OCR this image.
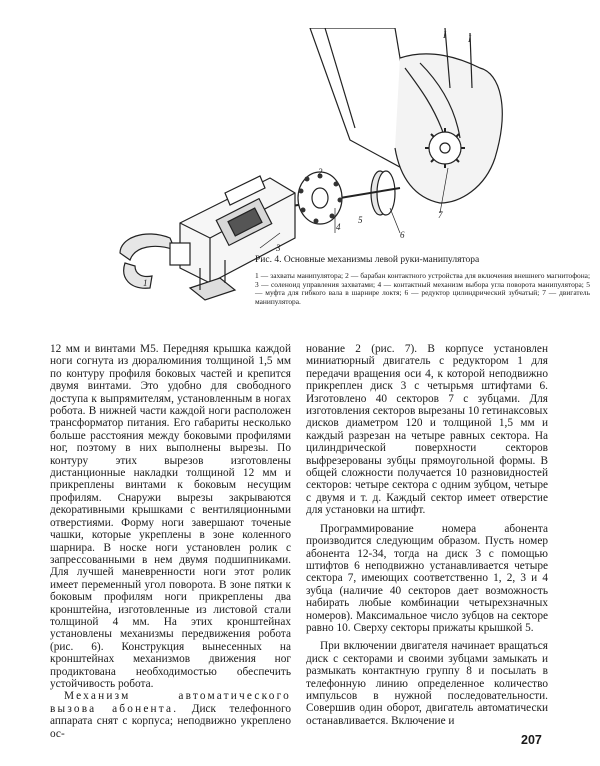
1
2
3
4
5
6
7
I I

Рис. 4. Основные механизмы левой руки-манипулятора

1 — захваты манипулятора; 2 — барабан контактного устройства для включения внешнего магнитофона; 3 — соленоид управления захватами; 4 — контактный механизм выбора угла поворота манипулятора; 5 — муфта для гибкого вала в шарнире локтя; 6 — редуктор цилиндрический зубчатый; 7 — двигатель манипулятора.

12 мм и винтами М5. Передняя крышка каждой ноги согнута из дюралюминия толщиной 1,5 мм по контуру профиля боковых частей и крепится двумя винтами. Это удобно для свободного доступа к выпрямителям, установленным в ногах робота. В нижней части каждой ноги расположен трансформатор питания. Его габариты несколько больше расстояния между боковыми профилями ног, поэтому в них выполнены вырезы. По контуру этих вырезов изготовлены дистанционные накладки толщиной 12 мм и прикреплены винтами к боковым несущим профилям. Снаружи вырезы закрываются декоративными крышками с вентиляционными отверстиями. Форму ноги завершают точеные чашки, которые укреплены в зоне коленного шарнира. В носке ноги установлен ролик с запрессованными в нем двумя подшипниками. Для лучшей маневренности ноги этот ролик имеет переменный угол поворота. В зоне пятки к боковым профилям ноги прикреплены два кронштейна, изготовленные из листовой стали толщиной 4 мм. На этих кронштейнах установлены механизмы передвижения робота (рис. 6). Конструкция вынесенных на кронштейнах механизмов движения ног продиктована необходимостью обеспечить устойчивость робота.

Механизм автоматического вызова абонента. Диск телефонного аппарата снят с корпуса; неподвижно укреплено ос-

нование 2 (рис. 7). В корпусе установлен миниатюрный двигатель с редуктором 1 для передачи вращения оси 4, к которой неподвижно прикреплен диск 3 с четырьмя штифтами 6. Изготовлено 40 секторов 7 с зубцами. Для изготовления секторов вырезаны 10 гетинаксовых дисков диаметром 120 и толщиной 1,5 мм и каждый разрезан на четыре равных сектора. На цилиндрической поверхности секторов выфрезерованы зубцы прямоугольной формы. В общей сложности получается 10 разновидностей секторов: четыре сектора с одним зубцом, четыре с двумя и т. д. Каждый сектор имеет отверстие для установки на штифт.

Программирование номера абонента производится следующим образом. Пусть номер абонента 12-34, тогда на диск 3 с помощью штифтов 6 неподвижно устанавливается четыре сектора 7, имеющих соответственно 1, 2, 3 и 4 зубца (наличие 40 секторов дает возможность набирать любые комбинации четырехзначных номеров). Максимальное число зубцов на секторе равно 10. Сверху секторы прижаты крышкой 5.

При включении двигателя начинает вращаться диск с секторами и своими зубцами замыкать и размыкать контактную группу 8 и посылать в телефонную линию определенное количество импульсов в нужной последовательности. Совершив один оборот, двигатель автоматически останавливается. Включение и

207
